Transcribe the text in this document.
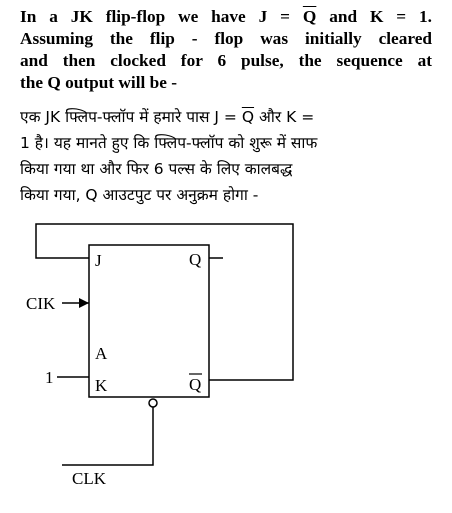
In a JK flip-flop we have $J = \overline{Q}$ and K = 1.
Assuming the flip - flop was initially cleared
and then clocked for 6 pulse, the sequence at
the Q output will be -
एक JK फ्लिप-फ्लॉप में हमारे पास $J = \overline{Q}$ और K =
1 है। यह मानते हुए कि फ्लिप-फ्लॉप को शुरू में साफ
किया गया था और फिर 6 पल्स के लिए कालबद्ध
किया गया, Q आउटपुट पर अनुक्रम होगा -
J	Q
CIK
A
K	Q
1
CLK
